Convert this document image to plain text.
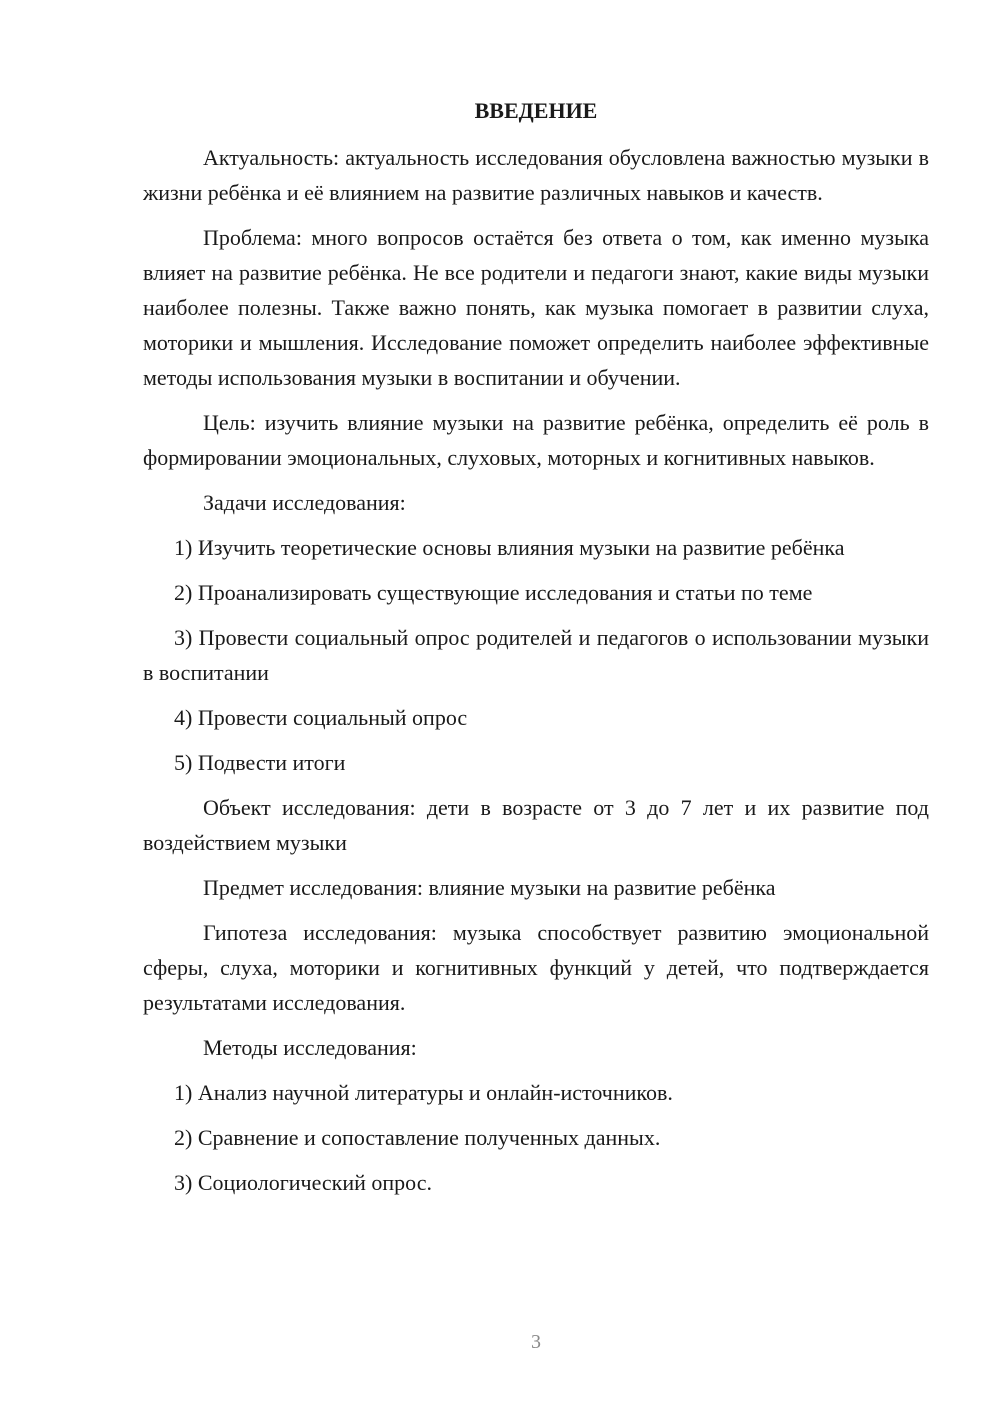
ВВЕДЕНИЕ

Актуальность: актуальность исследования обусловлена важностью музыки в жизни ребёнка и её влиянием на развитие различных навыков и качеств.

Проблема: много вопросов остаётся без ответа о том, как именно музыка влияет на развитие ребёнка. Не все родители и педагоги знают, какие виды музыки наиболее полезны. Также важно понять, как музыка помогает в развитии слуха, моторики и мышления. Исследование поможет определить наиболее эффективные методы использования музыки в воспитании и обучении.

Цель: изучить влияние музыки на развитие ребёнка, определить её роль в формировании эмоциональных, слуховых, моторных и когнитивных навыков.

Задачи исследования:

1) Изучить теоретические основы влияния музыки на развитие ребёнка

2) Проанализировать существующие исследования и статьи по теме

3) Провести социальный опрос родителей и педагогов о использовании музыки в воспитании

4) Провести социальный опрос

5) Подвести итоги

Объект исследования: дети в возрасте от 3 до 7 лет и их развитие под воздействием музыки

Предмет исследования: влияние музыки на развитие ребёнка

Гипотеза исследования: музыка способствует развитию эмоциональной сферы, слуха, моторики и когнитивных функций у детей, что подтверждается результатами исследования.

Методы исследования:

1) Анализ научной литературы и онлайн-источников.

2) Сравнение и сопоставление полученных данных.

3) Социологический опрос.

3
